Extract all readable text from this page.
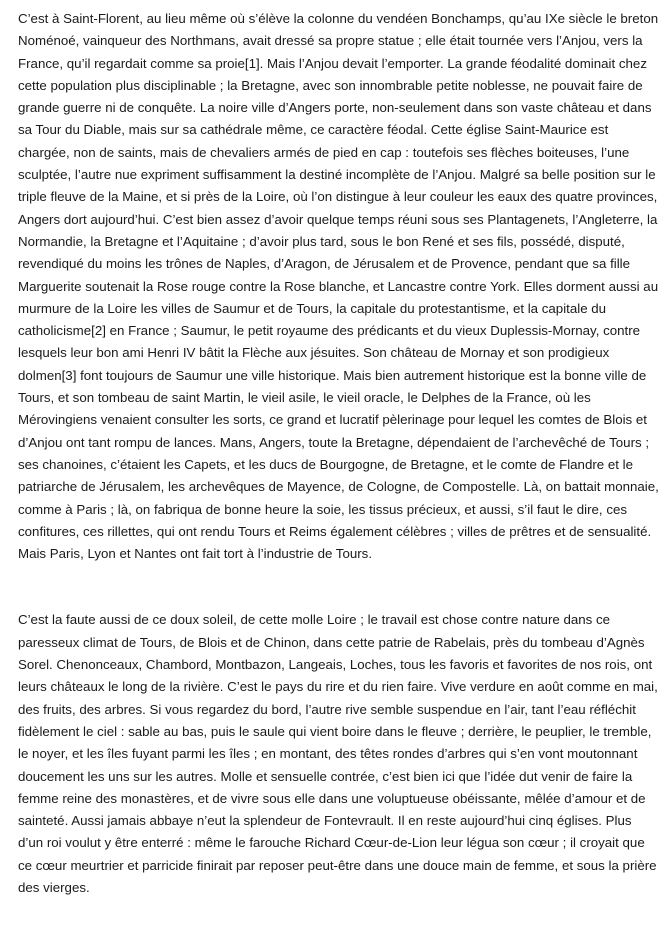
C’est à Saint-Florent, au lieu même où s’élève la colonne du vendéen Bonchamps, qu’au IXe siècle le breton Noménoé, vainqueur des Northmans, avait dressé sa propre statue ; elle était tournée vers l’Anjou, vers la France, qu’il regardait comme sa proie[1]. Mais l’Anjou devait l’emporter. La grande féodalité dominait chez cette population plus disciplinable ; la Bretagne, avec son innombrable petite noblesse, ne pouvait faire de grande guerre ni de conquête. La noire ville d’Angers porte, non-seulement dans son vaste château et dans sa Tour du Diable, mais sur sa cathédrale même, ce caractère féodal. Cette église Saint-Maurice est chargée, non de saints, mais de chevaliers armés de pied en cap : toutefois ses flèches boiteuses, l’une sculptée, l’autre nue expriment suffisamment la destiné incomplète de l’Anjou. Malgré sa belle position sur le triple fleuve de la Maine, et si près de la Loire, où l’on distingue à leur couleur les eaux des quatre provinces, Angers dort aujourd’hui. C’est bien assez d’avoir quelque temps réuni sous ses Plantagenets, l’Angleterre, la Normandie, la Bretagne et l’Aquitaine ; d’avoir plus tard, sous le bon René et ses fils, possédé, disputé, revendiqué du moins les trônes de Naples, d’Aragon, de Jérusalem et de Provence, pendant que sa fille Marguerite soutenait la Rose rouge contre la Rose blanche, et Lancastre contre York. Elles dorment aussi au murmure de la Loire les villes de Saumur et de Tours, la capitale du protestantisme, et la capitale du catholicisme[2] en France ; Saumur, le petit royaume des prédicants et du vieux Duplessis-Mornay, contre lesquels leur bon ami Henri IV bâtit la Flèche aux jésuites. Son château de Mornay et son prodigieux dolmen[3] font toujours de Saumur une ville historique. Mais bien autrement historique est la bonne ville de Tours, et son tombeau de saint Martin, le vieil asile, le vieil oracle, le Delphes de la France, où les Mérovingiens venaient consulter les sorts, ce grand et lucratif pèlerinage pour lequel les comtes de Blois et d’Anjou ont tant rompu de lances. Mans, Angers, toute la Bretagne, dépendaient de l’archevêché de Tours ; ses chanoines, c’étaient les Capets, et les ducs de Bourgogne, de Bretagne, et le comte de Flandre et le patriarche de Jérusalem, les archevêques de Mayence, de Cologne, de Compostelle. Là, on battait monnaie, comme à Paris ; là, on fabriqua de bonne heure la soie, les tissus précieux, et aussi, s’il faut le dire, ces confitures, ces rillettes, qui ont rendu Tours et Reims également célèbres ; villes de prêtres et de sensualité. Mais Paris, Lyon et Nantes ont fait tort à l’industrie de Tours.

C’est la faute aussi de ce doux soleil, de cette molle Loire ; le travail est chose contre nature dans ce paresseux climat de Tours, de Blois et de Chinon, dans cette patrie de Rabelais, près du tombeau d’Agnès Sorel. Chenonceaux, Chambord, Montbazon, Langeais, Loches, tous les favoris et favorites de nos rois, ont leurs châteaux le long de la rivière. C’est le pays du rire et du rien faire. Vive verdure en août comme en mai, des fruits, des arbres. Si vous regardez du bord, l’autre rive semble suspendue en l’air, tant l’eau réfléchit fidèlement le ciel : sable au bas, puis le saule qui vient boire dans le fleuve ; derrière, le peuplier, le tremble, le noyer, et les îles fuyant parmi les îles ; en montant, des têtes rondes d’arbres qui s’en vont moutonnant doucement les uns sur les autres. Molle et sensuelle contrée, c’est bien ici que l’idée dut venir de faire la femme reine des monastères, et de vivre sous elle dans une voluptueuse obéissante, mêlée d’amour et de sainteté. Aussi jamais abbaye n’eut la splendeur de Fontevrault. Il en reste aujourd’hui cinq églises. Plus d’un roi voulut y être enterré : même le farouche Richard Cœur-de-Lion leur légua son cœur ; il croyait que ce cœur meurtrier et parricide finirait par reposer peut-être dans une douce main de femme, et sous la prière des vierges.
